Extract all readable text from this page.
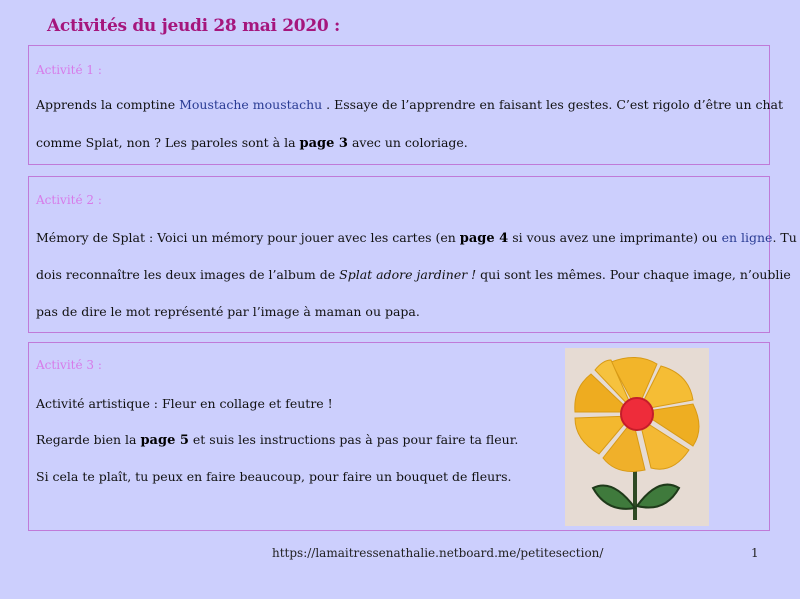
Activités du jeudi 28 mai 2020 :
Activité 1 :
Apprends la comptine Moustache moustachu . Essaye de l’apprendre en faisant les gestes. C’est rigolo d’être un chat
comme Splat, non ? Les paroles sont à la page 3 avec un coloriage.
Activité 2 :
Mémory de Splat : Voici un mémory pour jouer avec les cartes (en page 4 si vous avez une imprimante) ou en ligne. Tu
dois reconnaître les deux images de l’album de Splat adore jardiner ! qui sont les mêmes. Pour chaque image, n’oublie
pas de dire le mot représenté par l’image à maman ou papa.
Activité 3 :
Activité artistique : Fleur en collage et feutre !
Regarde bien la page 5 et suis les instructions pas à pas pour faire ta fleur.
Si cela te plaît, tu peux en faire beaucoup, pour faire un bouquet de fleurs.
https://lamaitressenathalie.netboard.me/petitesection/	1
